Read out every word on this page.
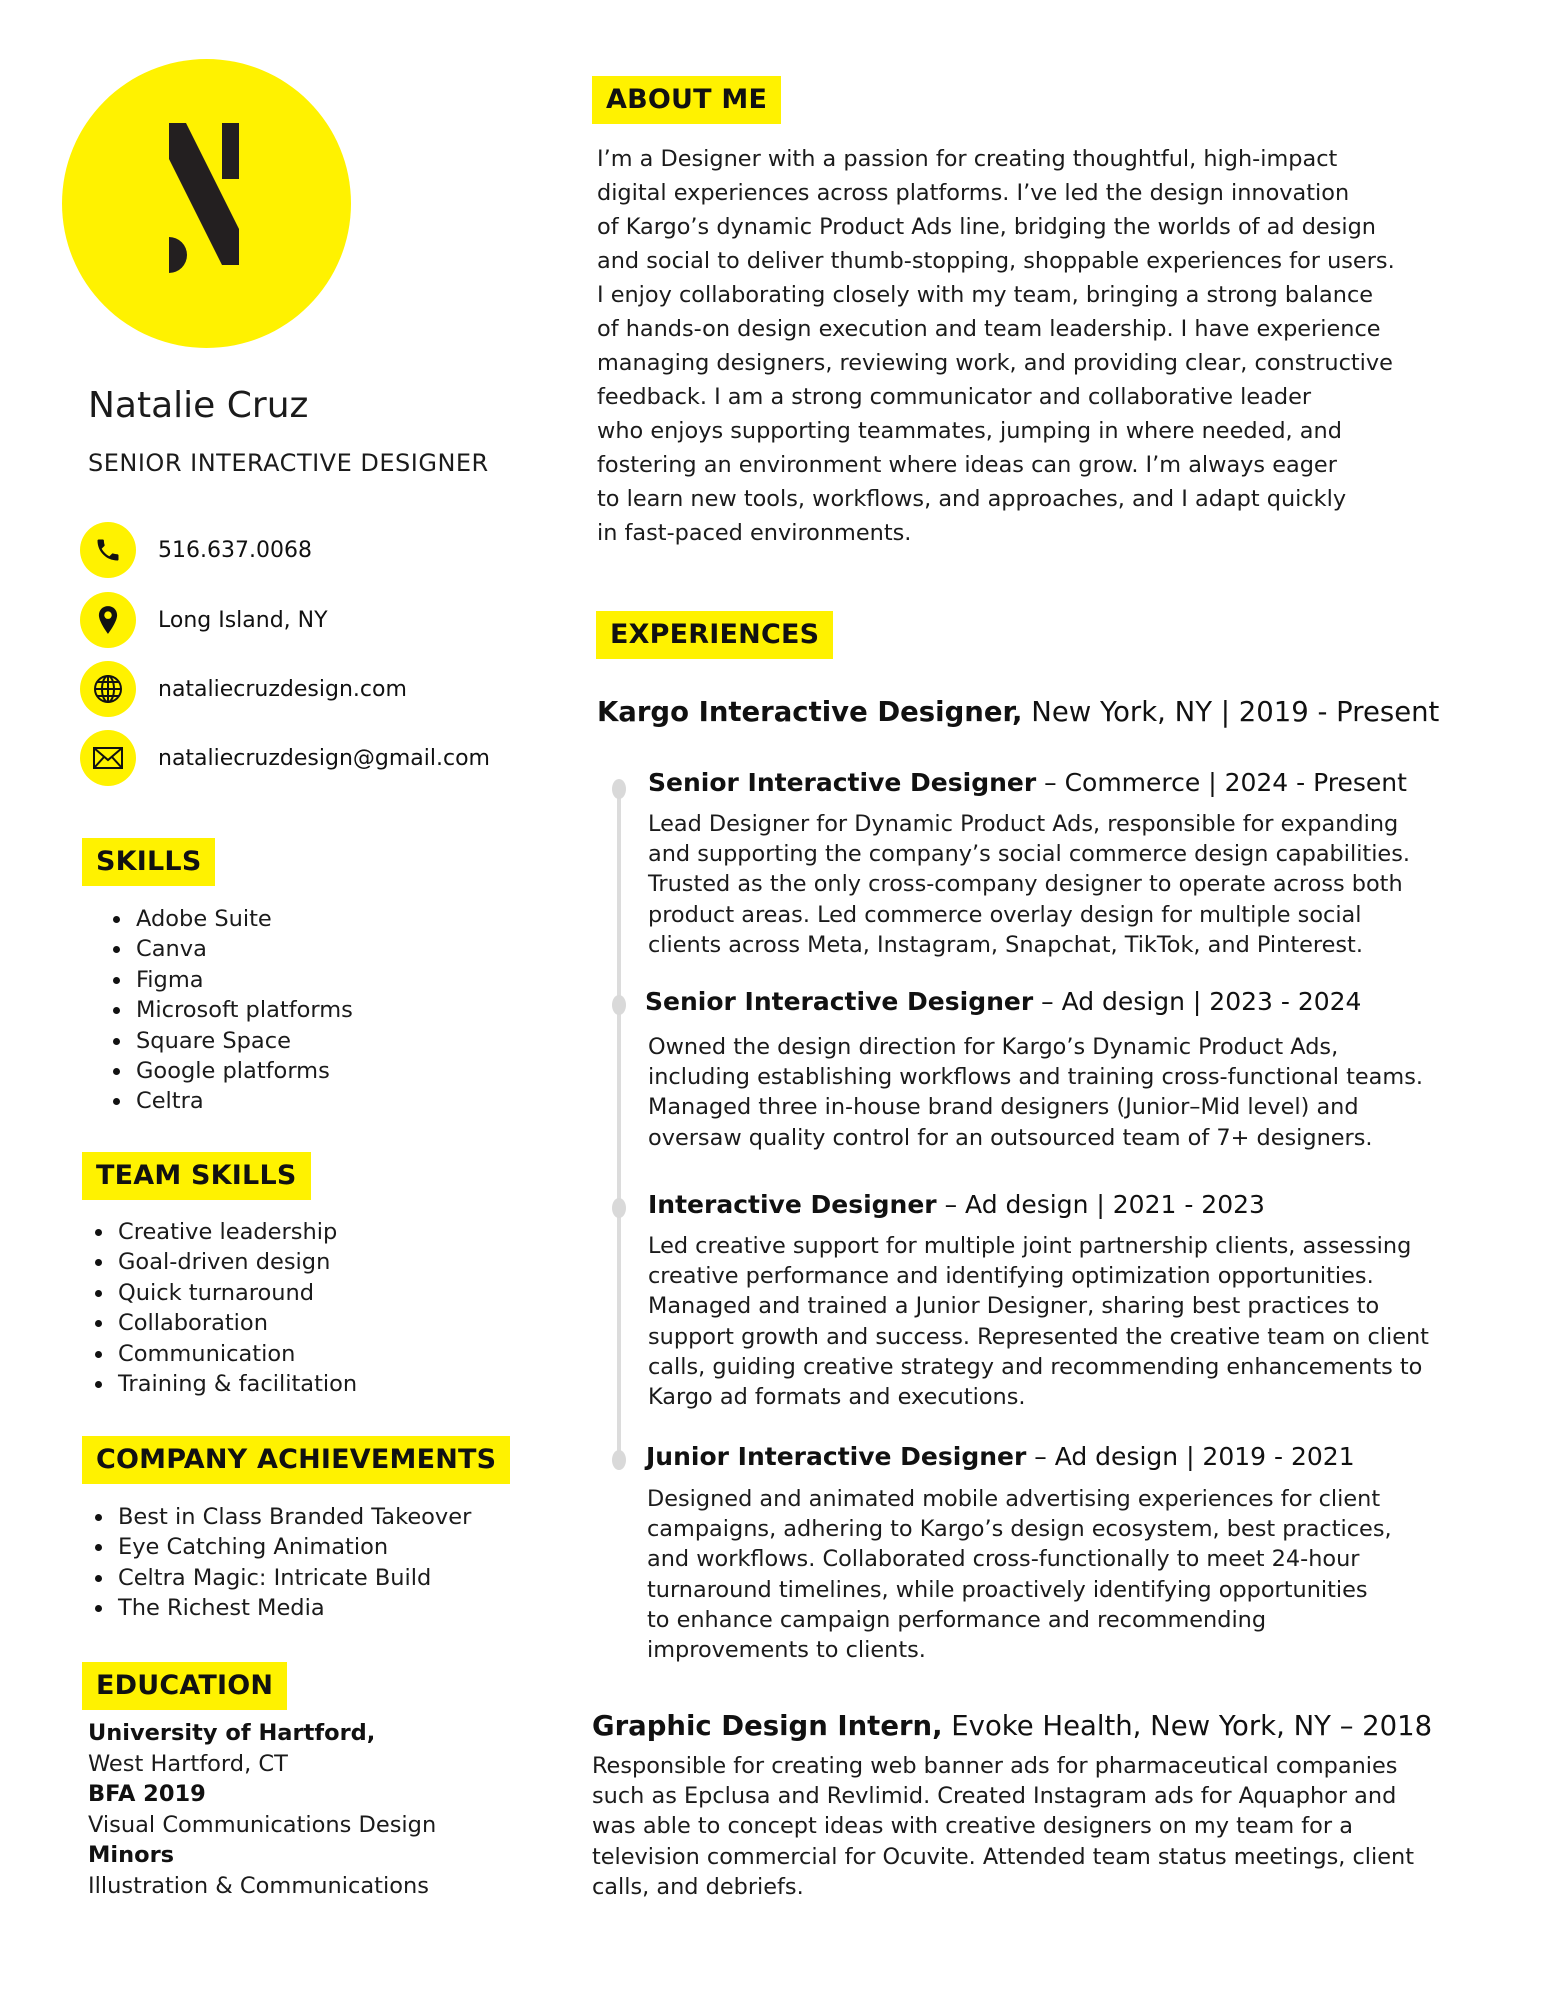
Natalie Cruz
SENIOR INTERACTIVE DESIGNER
516.637.0068
Long Island, NY
nataliecruzdesign.com
nataliecruzdesign@gmail.com
SKILLS
Adobe Suite
Canva
Figma
Microsoft platforms
Square Space
Google platforms
Celtra
TEAM SKILLS
Creative leadership
Goal-driven design
Quick turnaround
Collaboration
Communication
Training & facilitation
COMPANY ACHIEVEMENTS
Best in Class Branded Takeover
Eye Catching Animation
Celtra Magic: Intricate Build
The Richest Media
EDUCATION
University of Hartford,
West Hartford, CT
BFA 2019
Visual Communications Design
Minors
Illustration & Communications
ABOUT ME

I’m a Designer with a passion for creating thoughtful, high-impact
digital experiences across platforms. I’ve led the design innovation
of Kargo’s dynamic Product Ads line, bridging the worlds of ad design
and social to deliver thumb-stopping, shoppable experiences for users.
I enjoy collaborating closely with my team, bringing a strong balance
of hands-on design execution and team leadership. I have experience
managing designers, reviewing work, and providing clear, constructive
feedback. I am a strong communicator and collaborative leader
who enjoys supporting teammates, jumping in where needed, and
fostering an environment where ideas can grow. I’m always eager
to learn new tools, workflows, and approaches, and I adapt quickly
in fast-paced environments.

EXPERIENCES
Kargo Interactive Designer, New York, NY | 2019 - Present
Senior Interactive Designer – Commerce | 2024 - Present

Lead Designer for Dynamic Product Ads, responsible for expanding
and supporting the company’s social commerce design capabilities.
Trusted as the only cross-company designer to operate across both
product areas. Led commerce overlay design for multiple social
clients across Meta, Instagram, Snapchat, TikTok, and Pinterest.

Senior Interactive Designer – Ad design | 2023 - 2024

Owned the design direction for Kargo’s Dynamic Product Ads,
including establishing workflows and training cross-functional teams.
Managed three in-house brand designers (Junior–Mid level) and
oversaw quality control for an outsourced team of 7+ designers.

Interactive Designer – Ad design | 2021 - 2023

Led creative support for multiple joint partnership clients, assessing
creative performance and identifying optimization opportunities.
Managed and trained a Junior Designer, sharing best practices to
support growth and success. Represented the creative team on client
calls, guiding creative strategy and recommending enhancements to
Kargo ad formats and executions.

Junior Interactive Designer – Ad design | 2019 - 2021

Designed and animated mobile advertising experiences for client
campaigns, adhering to Kargo’s design ecosystem, best practices,
and workflows. Collaborated cross-functionally to meet 24-hour
turnaround timelines, while proactively identifying opportunities
to enhance campaign performance and recommending
improvements to clients.

Graphic Design Intern, Evoke Health, New York, NY – 2018

Responsible for creating web banner ads for pharmaceutical companies
such as Epclusa and Revlimid. Created Instagram ads for Aquaphor and
was able to concept ideas with creative designers on my team for a
television commercial for Ocuvite. Attended team status meetings, client
calls, and debriefs.
